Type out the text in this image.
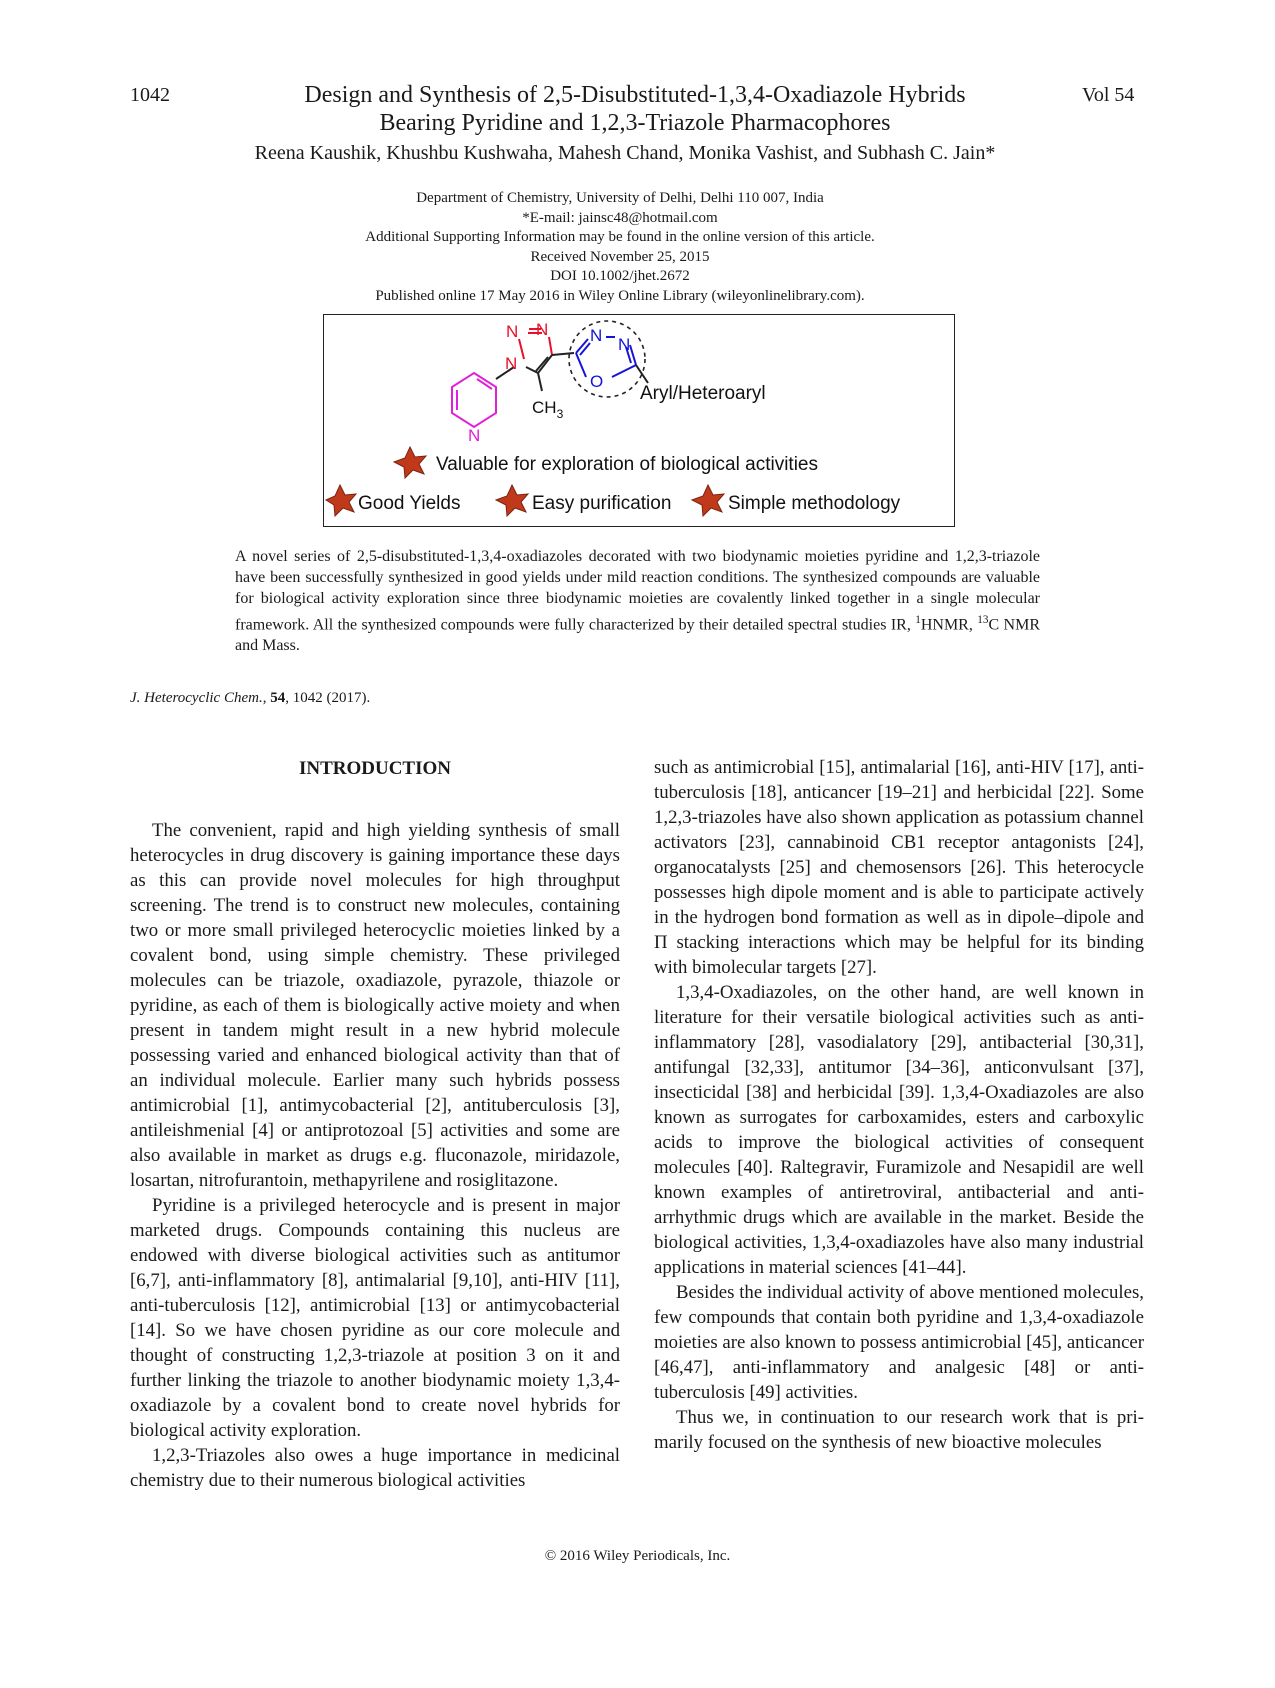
1042	Vol 54
Design and Synthesis of 2,5-Disubstituted-1,3,4-Oxadiazole Hybrids
Bearing Pyridine and 1,2,3-Triazole Pharmacophores
Reena Kaushik, Khushbu Kushwaha, Mahesh Chand, Monika Vashist, and Subhash C. Jain*
Department of Chemistry, University of Delhi, Delhi 110 007, India
*E-mail: jainsc48@hotmail.com
Additional Supporting Information may be found in the online version of this article.
Received November 25, 2015
DOI 10.1002/jhet.2672
Published online 17 May 2016 in Wiley Online Library (wileyonlinelibrary.com).
N
N N
N
$CH_3$
N N
O
Aryl/Heteroaryl
Valuable for exploration of biological activities
Good Yields	Easy purification	Simple methodology
A novel series of 2,5-disubstituted-1,3,4-oxadiazoles decorated with two biodynamic moieties pyridine and 1,2,3-triazole have been successfully synthesized in good yields under mild reaction conditions. The synthesized compounds are valuable for biological activity exploration since three biodynamic moieties are covalently linked together in a single molecular framework. All the synthesized compounds were fully characterized by their detailed spectral studies IR, $^1$HNMR, $^{13}$C NMR and Mass.
J. Heterocyclic Chem., 54, 1042 (2017).
INTRODUCTION

The convenient, rapid and high yielding synthesis of small heterocycles in drug discovery is gaining importance these days as this can provide novel molecules for high throughput screening. The trend is to construct new molecules, containing two or more small privileged heterocyclic moieties linked by a covalent bond, using simple chemistry. These privileged molecules can be triazole, oxadiazole, pyrazole, thiazole or pyridine, as each of them is biologically active moiety and when present in tandem might result in a new hybrid molecule possessing varied and enhanced biological activity than that of an individual molecule. Earlier many such hybrids possess antimicrobial [1], antimycobacterial [2], antituberculosis [3], antileishmenial [4] or antiprotozoal [5] activities and some are also available in market as drugs e.g. fluconazole, miridazole, losartan, nitrofurantoin, methapyrilene and rosiglitazone.

Pyridine is a privileged heterocycle and is present in major marketed drugs. Compounds containing this nucleus are endowed with diverse biological activities such as antitumor [6,7], anti-inflammatory [8], antimalarial [9,10], anti-HIV [11], anti-tuberculosis [12], antimicrobial [13] or antimycobacterial [14]. So we have chosen pyridine as our core molecule and thought of constructing 1,2,3-triazole at position 3 on it and further linking the triazole to another biodynamic moiety 1,3,4-oxadiazole by a covalent bond to create novel hybrids for biological activity exploration.

1,2,3-Triazoles also owes a huge importance in medicinal chemistry due to their numerous biological activities

such as antimicrobial [15], antimalarial [16], anti-HIV [17], anti-tuberculosis [18], anticancer [19–21] and herbicidal [22]. Some 1,2,3-triazoles have also shown application as potassium channel activators [23], cannabinoid CB1 receptor antagonists [24], organocatalysts [25] and chemosensors [26]. This heterocycle possesses high dipole moment and is able to participate actively in the hydrogen bond formation as well as in dipole–dipole and Π stacking interactions which may be helpful for its binding with bimolecular targets [27].

1,3,4-Oxadiazoles, on the other hand, are well known in literature for their versatile biological activities such as anti-inflammatory [28], vasodialatory [29], antibacterial [30,31], antifungal [32,33], antitumor [34–36], anticonvulsant [37], insecticidal [38] and herbicidal [39]. 1,3,4-Oxadiazoles are also known as surrogates for carboxamides, esters and carboxylic acids to improve the biological activities of consequent molecules [40]. Raltegravir, Furamizole and Nesapidil are well known examples of antiretroviral, antibacterial and anti-arrhythmic drugs which are available in the market. Beside the biological activities, 1,3,4-oxadiazoles have also many industrial applications in material sciences [41–44].

Besides the individual activity of above mentioned molecules, few compounds that contain both pyridine and 1,3,4-oxadiazole moieties are also known to possess antimicrobial [45], anticancer [46,47], anti-inflammatory and analgesic [48] or anti-tuberculosis [49] activities.

Thus we, in continuation to our research work that is primarily focused on the synthesis of new bioactive molecules

© 2016 Wiley Periodicals, Inc.
